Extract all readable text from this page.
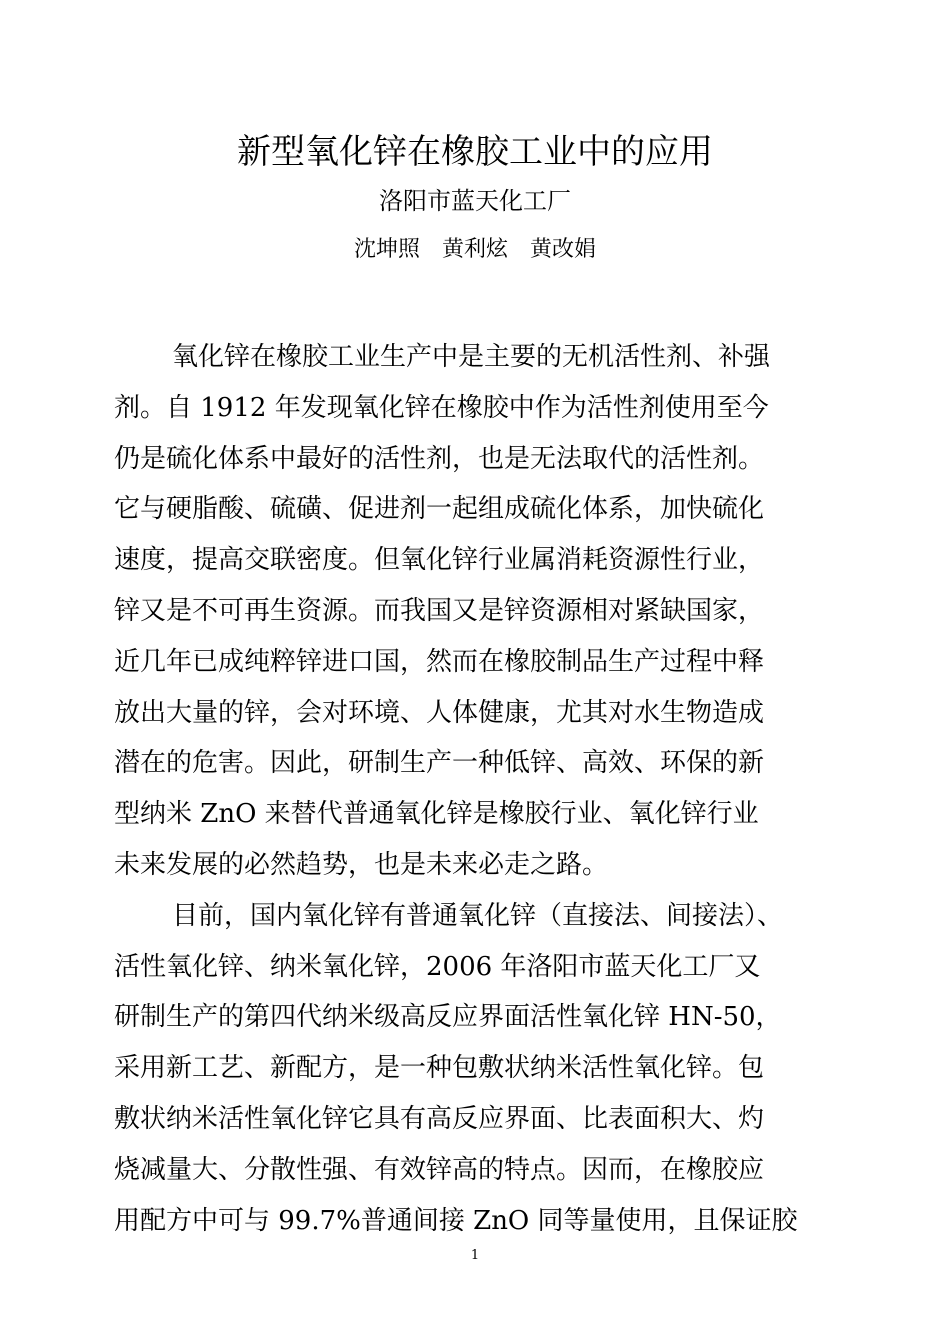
新型氧化锌在橡胶工业中的应用
洛阳市蓝天化工厂
沈坤照　黄利炫　黄改娟
氧化锌在橡胶工业生产中是主要的无机活性剂、补强
剂。自 1912 年发现氧化锌在橡胶中作为活性剂使用至今
仍是硫化体系中最好的活性剂，也是无法取代的活性剂。
它与硬脂酸、硫磺、促进剂一起组成硫化体系，加快硫化
速度，提高交联密度。但氧化锌行业属消耗资源性行业，
锌又是不可再生资源。而我国又是锌资源相对紧缺国家，
近几年已成纯粹锌进口国，然而在橡胶制品生产过程中释
放出大量的锌，会对环境、人体健康，尤其对水生物造成
潜在的危害。因此，研制生产一种低锌、高效、环保的新
型纳米 ZnO 来替代普通氧化锌是橡胶行业、氧化锌行业
未来发展的必然趋势，也是未来必走之路。
目前，国内氧化锌有普通氧化锌（直接法、间接法）、
活性氧化锌、纳米氧化锌，2006 年洛阳市蓝天化工厂又
研制生产的第四代纳米级高反应界面活性氧化锌 HN-50，
采用新工艺、新配方，是一种包敷状纳米活性氧化锌。包
敷状纳米活性氧化锌它具有高反应界面、比表面积大、灼
烧减量大、分散性强、有效锌高的特点。因而，在橡胶应
用配方中可与 99.7%普通间接 ZnO 同等量使用，且保证胶
1
